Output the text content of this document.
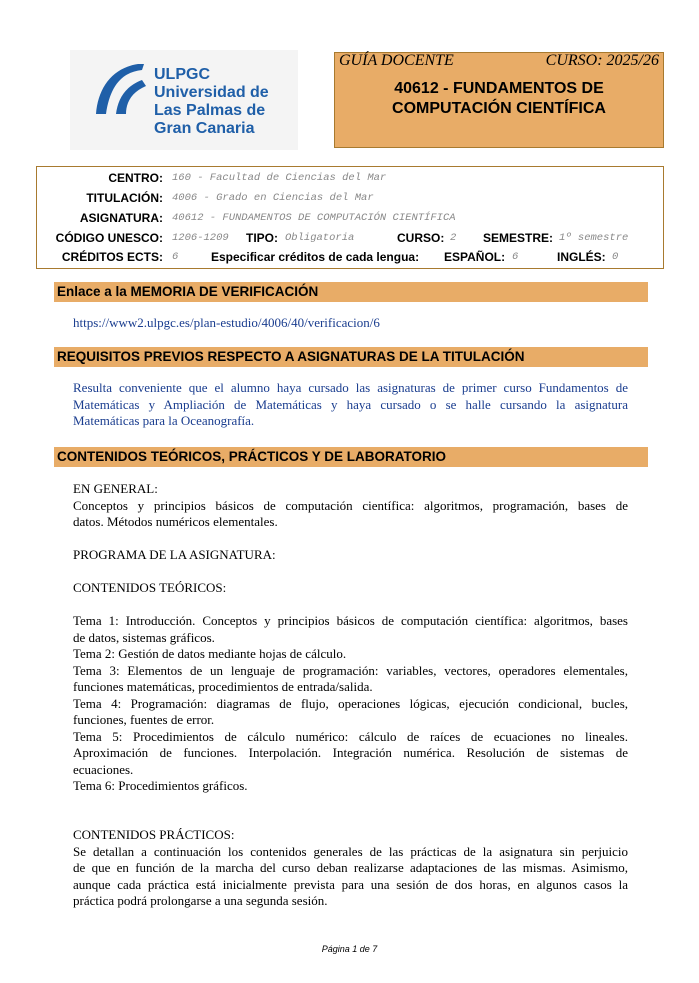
ULPGC
Universidad de
Las Palmas de
Gran Canaria
GUÍA DOCENTE	CURSO: 2025/26
40612 - FUNDAMENTOS DE
COMPUTACIÓN CIENTÍFICA
CENTRO: 160 - Facultad de Ciencias del Mar
TITULACIÓN: 4006 - Grado en Ciencias del Mar
ASIGNATURA: 40612 - FUNDAMENTOS DE COMPUTACIÓN CIENTÍFICA
CÓDIGO UNESCO: 1206-1209 TIPO: Obligatoria	CURSO: 2 SEMESTRE: 1º semestre
CRÉDITOS ECTS: 6	Especificar créditos de cada lengua: ESPAÑOL: 6	INGLÉS: 0
Enlace a la MEMORIA DE VERIFICACIÓN
https://www2.ulpgc.es/plan-estudio/4006/40/verificacion/6
REQUISITOS PREVIOS RESPECTO A ASIGNATURAS DE LA TITULACIÓN
Resulta conveniente que el alumno haya cursado las asignaturas de primer curso Fundamentos de
Matemáticas y Ampliación de Matemáticas y haya cursado o se halle cursando la asignatura
Matemáticas para la Oceanografía.
CONTENIDOS TEÓRICOS, PRÁCTICOS Y DE LABORATORIO
EN GENERAL:
Conceptos y principios básicos de computación científica: algoritmos, programación, bases de
datos. Métodos numéricos elementales.
PROGRAMA DE LA ASIGNATURA:
CONTENIDOS TEÓRICOS:
Tema 1: Introducción. Conceptos y principios básicos de computación científica: algoritmos, bases
de datos, sistemas gráficos.
Tema 2: Gestión de datos mediante hojas de cálculo.
Tema 3: Elementos de un lenguaje de programación: variables, vectores, operadores elementales,
funciones matemáticas, procedimientos de entrada/salida.
Tema 4: Programación: diagramas de flujo, operaciones lógicas, ejecución condicional, bucles,
funciones, fuentes de error.
Tema 5: Procedimientos de cálculo numérico: cálculo de raíces de ecuaciones no lineales.
Aproximación de funciones. Interpolación. Integración numérica. Resolución de sistemas de
ecuaciones.
Tema 6: Procedimientos gráficos.
CONTENIDOS PRÁCTICOS:
Se detallan a continuación los contenidos generales de las prácticas de la asignatura sin perjuicio
de que en función de la marcha del curso deban realizarse adaptaciones de las mismas. Asimismo,
aunque cada práctica está inicialmente prevista para una sesión de dos horas, en algunos casos la
práctica podrá prolongarse a una segunda sesión.
Página 1 de 7
